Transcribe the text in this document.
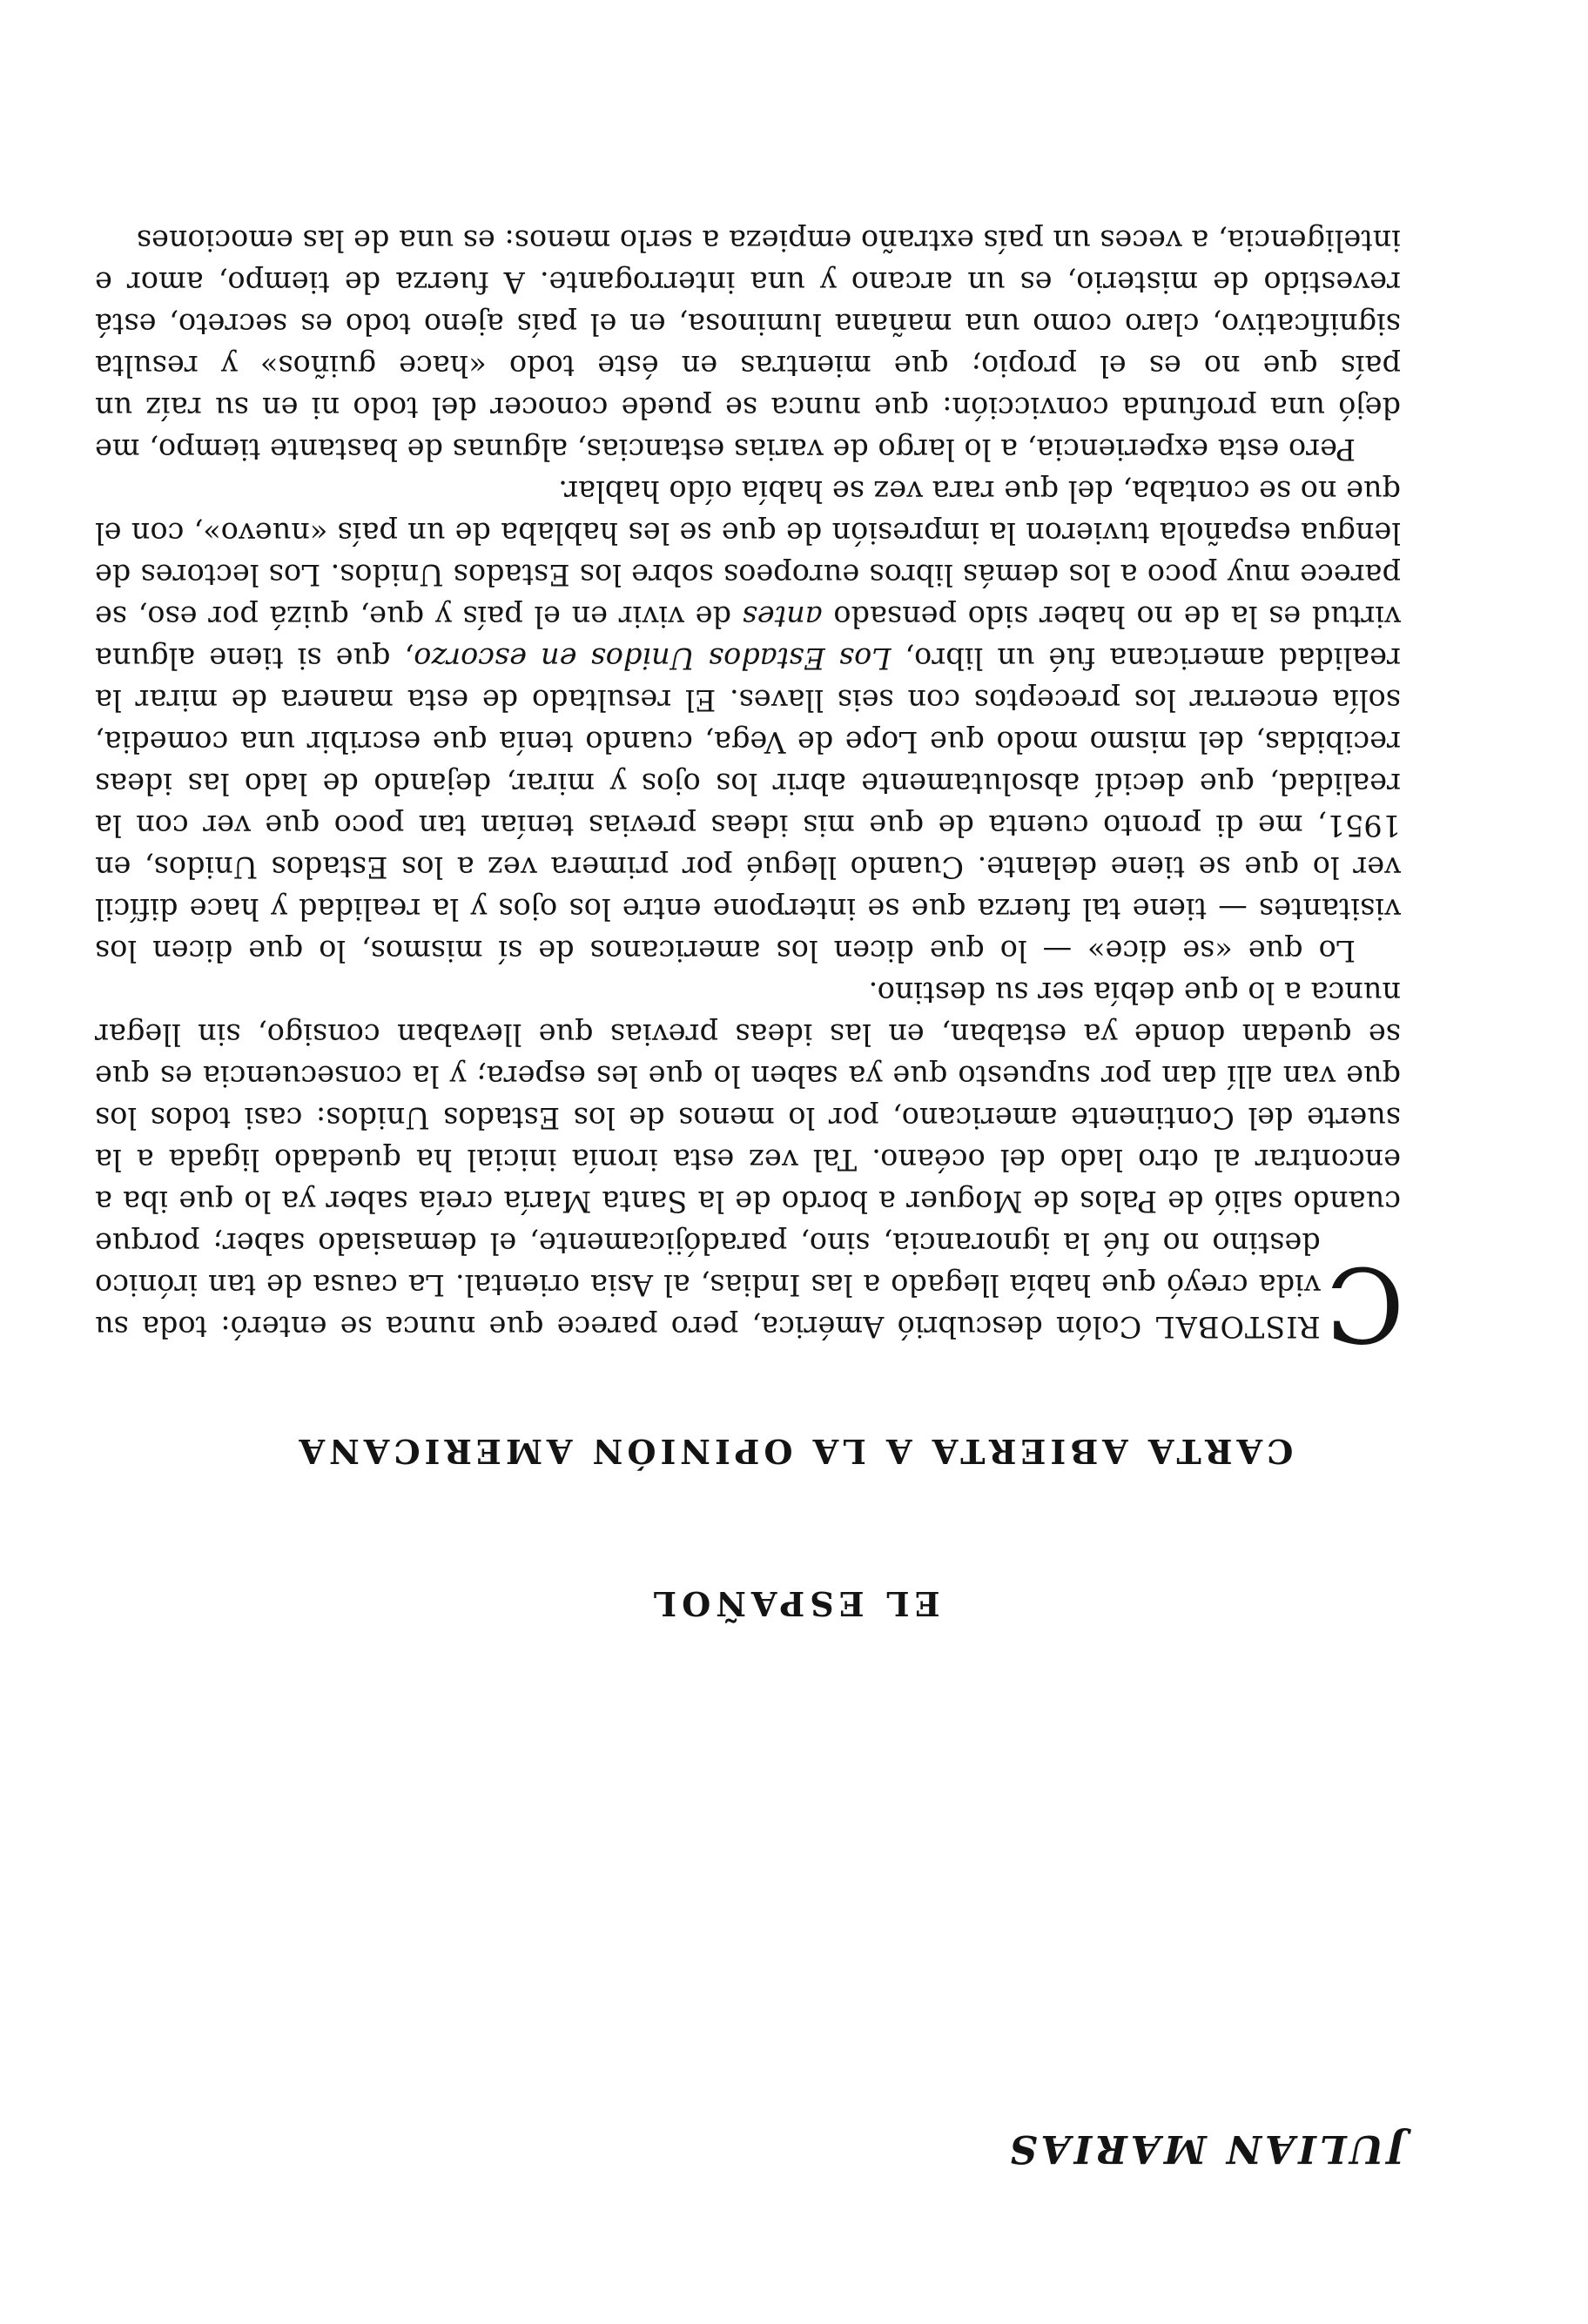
JULIAN MARIAS
EL ESPAÑOL
CARTA ABIERTA A LA OPINIÓN AMERICANA

C
RISTOBAL Colón descubrió América, pero parece que nunca se enteró: toda su vida creyó que había llegado a las Indias, al Asia oriental. La causa de tan irónico destino no fué la ignorancia, sino, paradójicamente, el demasiado saber; porque cuando salió de Palos de Moguer a bordo de la Santa María creía saber ya lo que iba a encontrar al otro lado del océano. Tal vez esta ironía inicial ha quedado ligada a la suerte del Continente americano, por lo menos de los Estados Unidos: casi todos los que van allí dan por supuesto que ya saben lo que les espera; y la consecuencia es que se quedan donde ya estaban, en las ideas previas que llevaban consigo, sin llegar nunca a lo que debía ser su destino.

Lo que «se dice» — lo que dicen los americanos de sí mismos, lo que dicen los visitantes — tiene tal fuerza que se interpone entre los ojos y la realidad y hace difícil ver lo que se tiene delante. Cuando llegué por primera vez a los Estados Unidos, en 1951, me di pronto cuenta de que mis ideas previas tenían tan poco que ver con la realidad, que decidí absolutamente abrir los ojos y mirar, dejando de lado las ideas recibidas, del mismo modo que Lope de Vega, cuando tenía que escribir una comedia, solía encerrar los preceptos con seis llaves. El resultado de esta manera de mirar la realidad americana fué un libro, Los Estados Unidos en escorzo, que si tiene alguna virtud es la de no haber sido pensado antes de vivir en el país y que, quizá por eso, se parece muy poco a los demás libros europeos sobre los Estados Unidos. Los lectores de lengua española tuvieron la impresión de que se les hablaba de un país «nuevo», con el que no se contaba, del que rara vez se había oído hablar.

Pero esta experiencia, a lo largo de varias estancias, algunas de bastante tiempo, me dejó una profunda convicción: que nunca se puede conocer del todo ni en su raíz un país que no es el propio; que mientras en éste todo «hace guiños» y resulta significativo, claro como una mañana luminosa, en el país ajeno todo es secreto, está revestido de misterio, es un arcano y una interrogante. A fuerza de tiempo, amor e inteligencia, a veces un país extraño empieza a serlo menos: es una de las emociones
